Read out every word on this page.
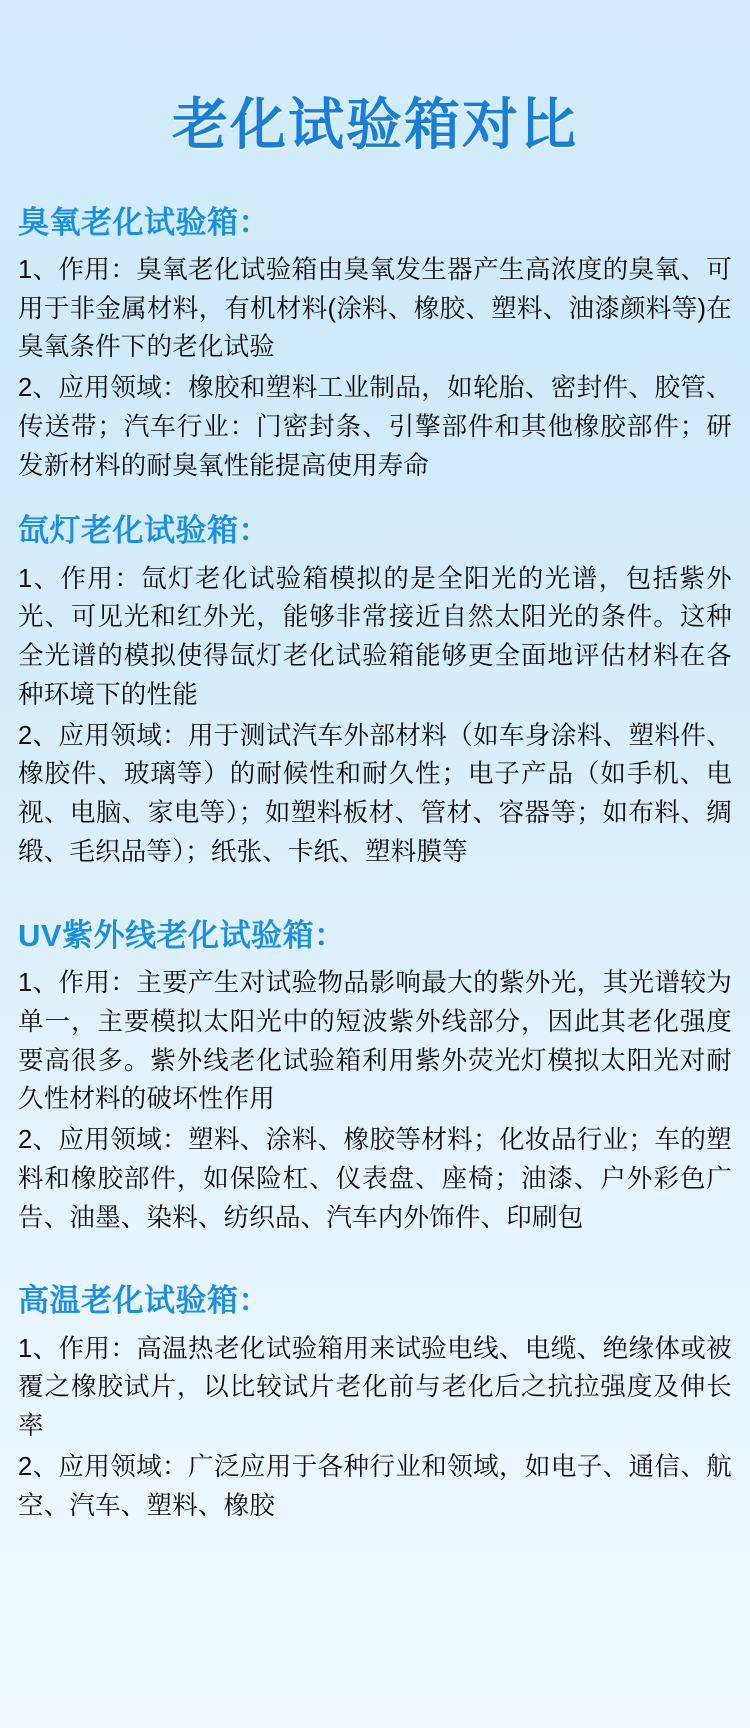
老化试验箱对比
臭氧老化试验箱：

1、作用：臭氧老化试验箱由臭氧发生器产生高浓度的臭氧、可用于非金属材料，有机材料(涂料、橡胶、塑料、油漆颜料等)在臭氧条件下的老化试验

2、应用领域：橡胶和塑料工业制品，如轮胎、密封件、胶管、传送带；汽车行业：门密封条、引擎部件和其他橡胶部件；研发新材料的耐臭氧性能提高使用寿命

氙灯老化试验箱：

1、作用：氙灯老化试验箱模拟的是全阳光的光谱，包括紫外光、可见光和红外光，能够非常接近自然太阳光的条件。这种全光谱的模拟使得氙灯老化试验箱能够更全面地评估材料在各种环境下的性能

2、应用领域：用于测试汽车外部材料（如车身涂料、塑料件、橡胶件、玻璃等）的耐候性和耐久性；电子产品（如手机、电视、电脑、家电等）；如塑料板材、管材、容器等；如布料、绸缎、毛织品等）；纸张、卡纸、塑料膜等

UV紫外线老化试验箱：

1、作用：主要产生对试验物品影响最大的紫外光，其光谱较为单一，主要模拟太阳光中的短波紫外线部分，因此其老化强度要高很多。紫外线老化试验箱利用紫外荧光灯模拟太阳光对耐久性材料的破坏性作用

2、应用领域：塑料、涂料、橡胶等材料；化妆品行业；车的塑料和橡胶部件，如保险杠、仪表盘、座椅；油漆、户外彩色广告、油墨、染料、纺织品、汽车内外饰件、印刷包

高温老化试验箱：

1、作用：高温热老化试验箱用来试验电线、电缆、绝缘体或被覆之橡胶试片，以比较试片老化前与老化后之抗拉强度及伸长率

2、应用领域：广泛应用于各种行业和领域，如电子、通信、航空、汽车、塑料、橡胶
